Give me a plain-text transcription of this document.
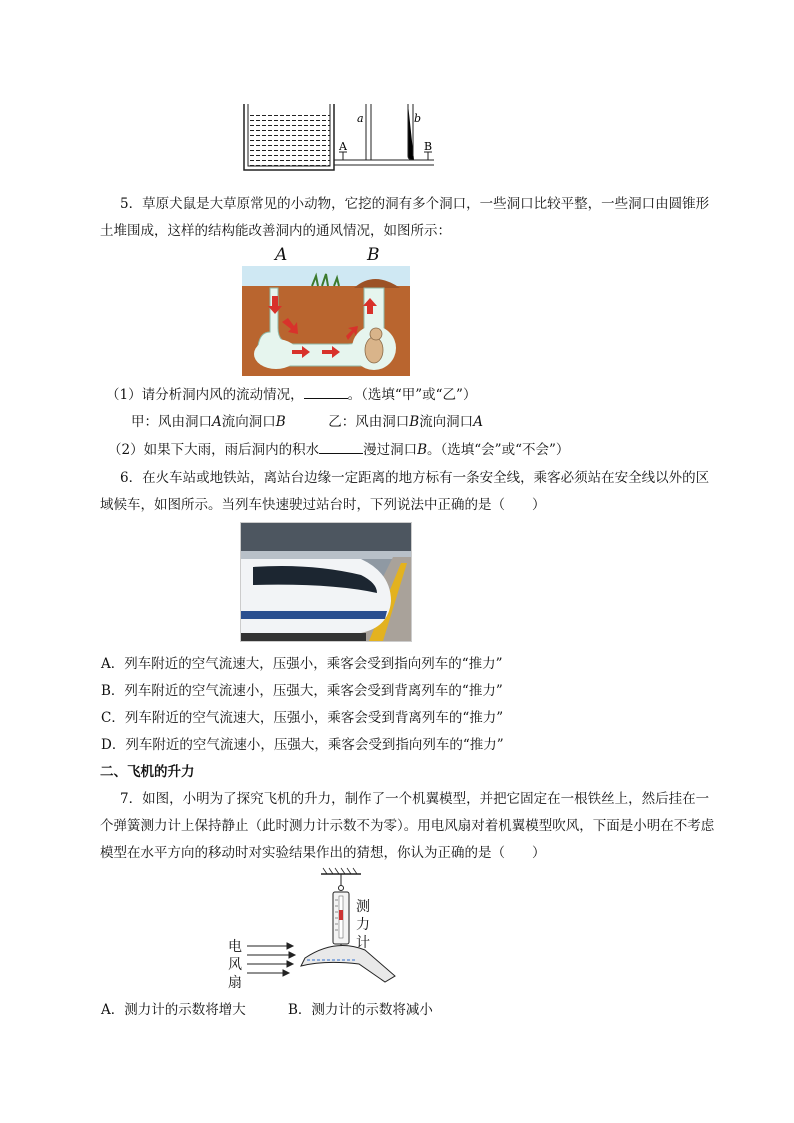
a	b
A	B
5．草原犬鼠是大草原常见的小动物，它挖的洞有多个洞口，一些洞口比较平整，一些洞口由圆锥形
土堆围成，这样的结构能改善洞内的通风情况，如图所示：
A	B
（1）请分析洞内风的流动情况，	。（选填“甲”或“乙”）
甲：风由洞口A流向洞口B	乙：风由洞口B流向洞口A
（2）如果下大雨，雨后洞内的积水	漫过洞口B。（选填“会”或“不会”）
6．在火车站或地铁站，离站台边缘一定距离的地方标有一条安全线，乘客必须站在安全线以外的区
域候车，如图所示。当列车快速驶过站台时，下列说法中正确的是（　　）
A．列车附近的空气流速大，压强小，乘客会受到指向列车的“推力”
B．列车附近的空气流速小，压强大，乘客会受到背离列车的“推力”
C．列车附近的空气流速大，压强小，乘客会受到背离列车的“推力”
D．列车附近的空气流速小，压强大，乘客会受到指向列车的“推力”
二、飞机的升力
7．如图，小明为了探究飞机的升力，制作了一个机翼模型，并把它固定在一根铁丝上，然后挂在一
个弹簧测力计上保持静止（此时测力计示数不为零）。用电风扇对着机翼模型吹风，下面是小明在不考虑
模型在水平方向的移动时对实验结果作出的猜想，你认为正确的是（　　）
电
风
扇
测
力
计
A．测力计的示数将增大	B．测力计的示数将减小
